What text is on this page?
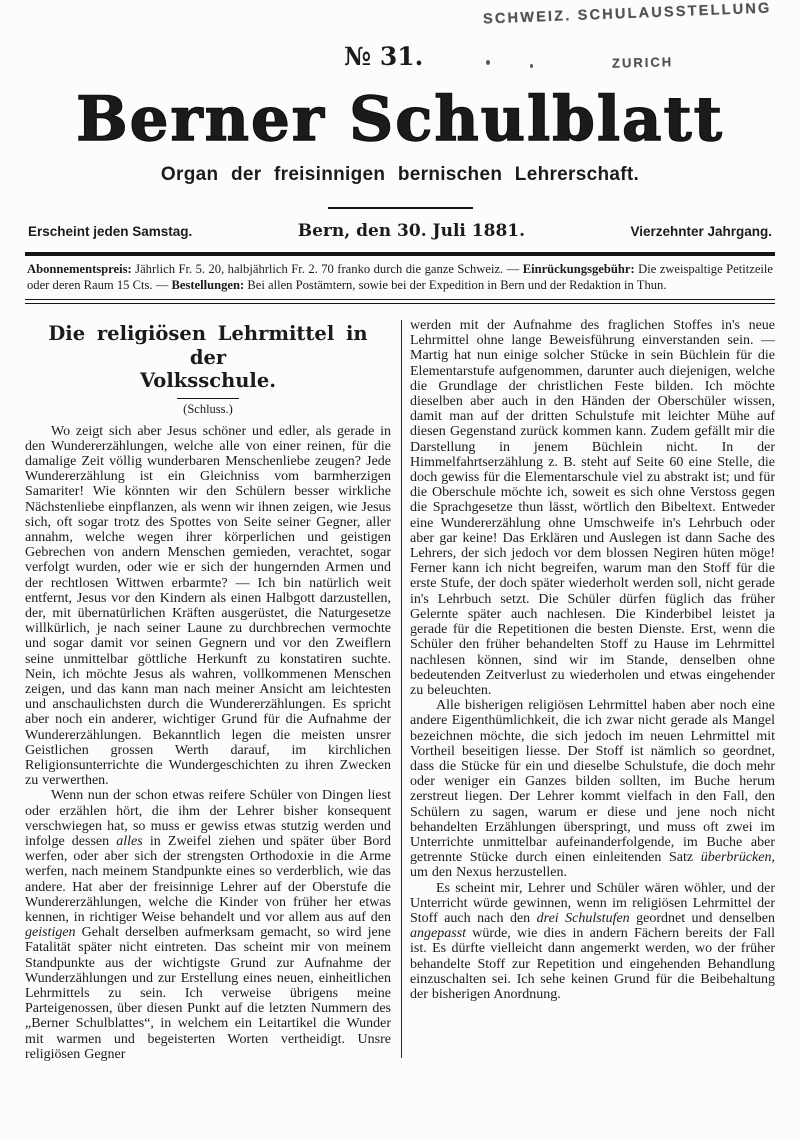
SCHWEIZ. SCHULAUSSTELLUNG
ZURICH
№ 31.
Berner Schulblatt
Organ der freisinnigen bernischen Lehrerschaft.
Erscheint jeden Samstag.	Bern, den 30. Juli 1881.	Vierzehnter Jahrgang.

Abonnementspreis: Jährlich Fr. 5. 20, halbjährlich Fr. 2. 70 franko durch die ganze Schweiz. — Einrückungsgebühr: Die zweispaltige Petitzeile oder deren Raum 15 Cts. — Bestellungen: Bei allen Postämtern, sowie bei der Expedition in Bern und der Redaktion in Thun.

Die religiösen Lehrmittel in der
Volksschule.
(Schluss.)

Wo zeigt sich aber Jesus schöner und edler, als gerade in den Wundererzählungen, welche alle von einer reinen, für die damalige Zeit völlig wunderbaren Menschenliebe zeugen? Jede Wundererzählung ist ein Gleichniss vom barmherzigen Samariter! Wie könnten wir den Schülern besser wirkliche Nächstenliebe einpflanzen, als wenn wir ihnen zeigen, wie Jesus sich, oft sogar trotz des Spottes von Seite seiner Gegner, aller annahm, welche wegen ihrer körperlichen und geistigen Gebrechen von andern Menschen gemieden, verachtet, sogar verfolgt wurden, oder wie er sich der hungernden Armen und der rechtlosen Wittwen erbarmte? — Ich bin natürlich weit entfernt, Jesus vor den Kindern als einen Halbgott darzustellen, der, mit übernatürlichen Kräften ausgerüstet, die Naturgesetze willkürlich, je nach seiner Laune zu durchbrechen vermochte und sogar damit vor seinen Gegnern und vor den Zweiflern seine unmittelbar göttliche Herkunft zu konstatiren suchte. Nein, ich möchte Jesus als wahren, vollkommenen Menschen zeigen, und das kann man nach meiner Ansicht am leichtesten und anschaulichsten durch die Wundererzählungen. Es spricht aber noch ein anderer, wichtiger Grund für die Aufnahme der Wundererzählungen. Bekanntlich legen die meisten unsrer Geistlichen grossen Werth darauf, im kirchlichen Religionsunterrichte die Wundergeschichten zu ihren Zwecken zu verwerthen.

Wenn nun der schon etwas reifere Schüler von Dingen liest oder erzählen hört, die ihm der Lehrer bisher konsequent verschwiegen hat, so muss er gewiss etwas stutzig werden und infolge dessen alles in Zweifel ziehen und später über Bord werfen, oder aber sich der strengsten Orthodoxie in die Arme werfen, nach meinem Standpunkte eines so verderblich, wie das andere. Hat aber der freisinnige Lehrer auf der Oberstufe die Wundererzählungen, welche die Kinder von früher her etwas kennen, in richtiger Weise behandelt und vor allem aus auf den geistigen Gehalt derselben aufmerksam gemacht, so wird jene Fatalität später nicht eintreten. Das scheint mir von meinem Standpunkte aus der wichtigste Grund zur Aufnahme der Wunderzählungen und zur Erstellung eines neuen, einheitlichen Lehrmittels zu sein. Ich verweise übrigens meine Parteigenossen, über diesen Punkt auf die letzten Nummern des „Berner Schulblattes“, in welchem ein Leitartikel die Wunder mit warmen und begeisterten Worten vertheidigt. Unsre religiösen Gegner

werden mit der Aufnahme des fraglichen Stoffes in's neue Lehrmittel ohne lange Beweisführung einverstanden sein. — Martig hat nun einige solcher Stücke in sein Büchlein für die Elementarstufe aufgenommen, darunter auch diejenigen, welche die Grundlage der christlichen Feste bilden. Ich möchte dieselben aber auch in den Händen der Oberschüler wissen, damit man auf der dritten Schulstufe mit leichter Mühe auf diesen Gegenstand zurück kommen kann. Zudem gefällt mir die Darstellung in jenem Büchlein nicht. In der Himmelfahrtserzählung z. B. steht auf Seite 60 eine Stelle, die doch gewiss für die Elementarschule viel zu abstrakt ist; und für die Oberschule möchte ich, soweit es sich ohne Verstoss gegen die Sprachgesetze thun lässt, wörtlich den Bibeltext. Entweder eine Wundererzählung ohne Umschweife in's Lehrbuch oder aber gar keine! Das Erklären und Auslegen ist dann Sache des Lehrers, der sich jedoch vor dem blossen Negiren hüten möge! Ferner kann ich nicht begreifen, warum man den Stoff für die erste Stufe, der doch später wiederholt werden soll, nicht gerade in's Lehrbuch setzt. Die Schüler dürfen füglich das früher Gelernte später auch nachlesen. Die Kinderbibel leistet ja gerade für die Repetitionen die besten Dienste. Erst, wenn die Schüler den früher behandelten Stoff zu Hause im Lehrmittel nachlesen können, sind wir im Stande, denselben ohne bedeutenden Zeitverlust zu wiederholen und etwas eingehender zu beleuchten.

Alle bisherigen religiösen Lehrmittel haben aber noch eine andere Eigenthümlichkeit, die ich zwar nicht gerade als Mangel bezeichnen möchte, die sich jedoch im neuen Lehrmittel mit Vortheil beseitigen liesse. Der Stoff ist nämlich so geordnet, dass die Stücke für ein und dieselbe Schulstufe, die doch mehr oder weniger ein Ganzes bilden sollten, im Buche herum zerstreut liegen. Der Lehrer kommt vielfach in den Fall, den Schülern zu sagen, warum er diese und jene noch nicht behandelten Erzählungen überspringt, und muss oft zwei im Unterrichte unmittelbar aufeinanderfolgende, im Buche aber getrennte Stücke durch einen einleitenden Satz überbrücken, um den Nexus herzustellen.

Es scheint mir, Lehrer und Schüler wären wöhler, und der Unterricht würde gewinnen, wenn im religiösen Lehrmittel der Stoff auch nach den drei Schulstufen geordnet und denselben angepasst würde, wie dies in andern Fächern bereits der Fall ist. Es dürfte vielleicht dann angemerkt werden, wo der früher behandelte Stoff zur Repetition und eingehenden Behandlung einzuschalten sei. Ich sehe keinen Grund für die Beibehaltung der bisherigen Anordnung.
